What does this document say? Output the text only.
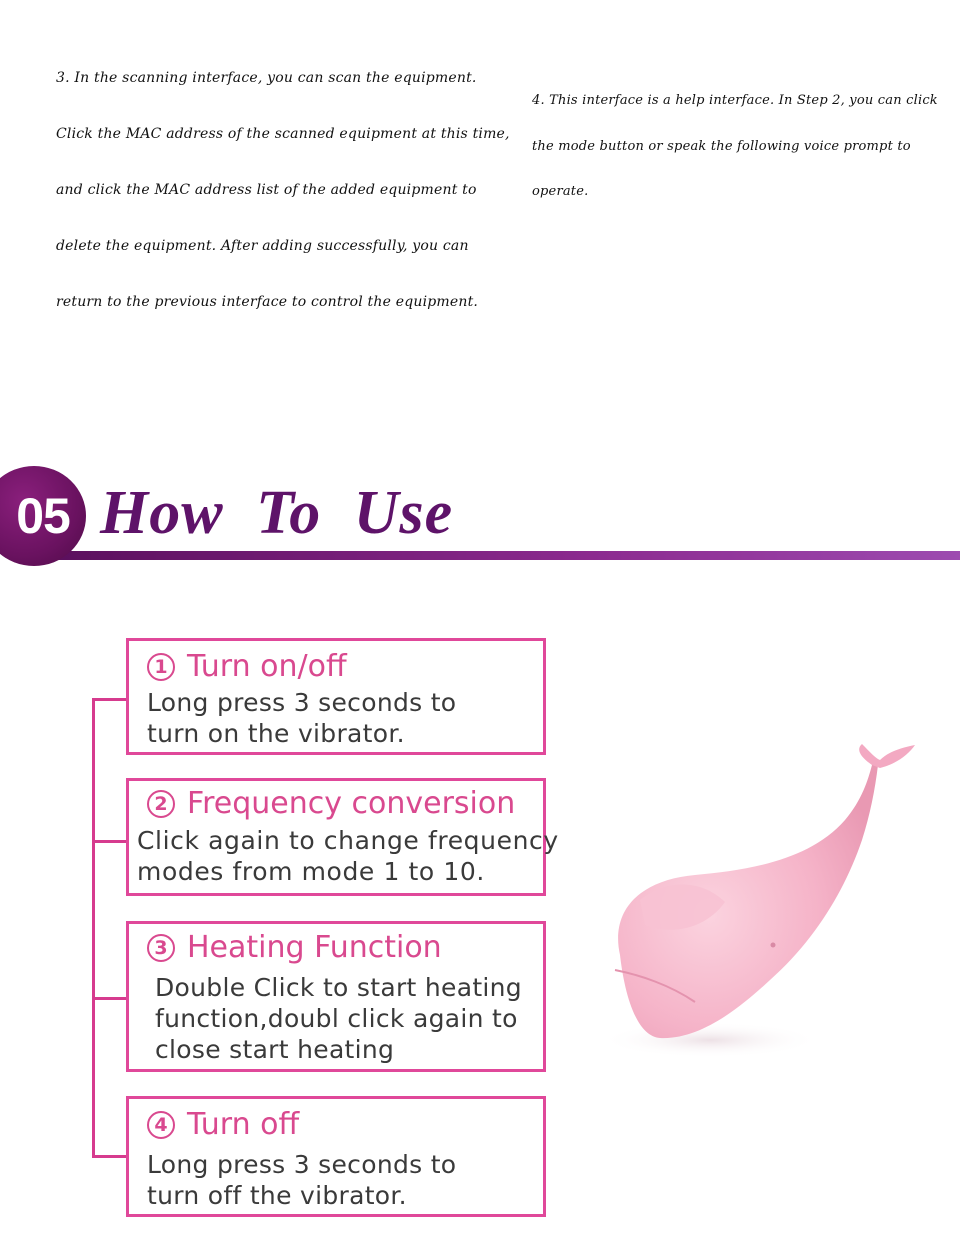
3. In the scanning interface, you can scan the equipment.

Click the MAC address of the scanned equipment at this time,

and click the MAC address list of the added equipment to

delete the equipment. After adding successfully, you can

return to the previous interface to control the equipment.

4. This interface is a help interface. In Step 2, you can click

the mode button or speak the following voice prompt to

operate.

05 How To Use
1 Turn on/off
Long press 3 seconds to
turn on the vibrator.
2 Frequency conversion
Click again to change frequency
modes from mode 1 to 10.
3 Heating Function
Double Click to start heating
function,doubl click again to
close start heating
4 Turn off
Long press 3 seconds to
turn off the vibrator.
